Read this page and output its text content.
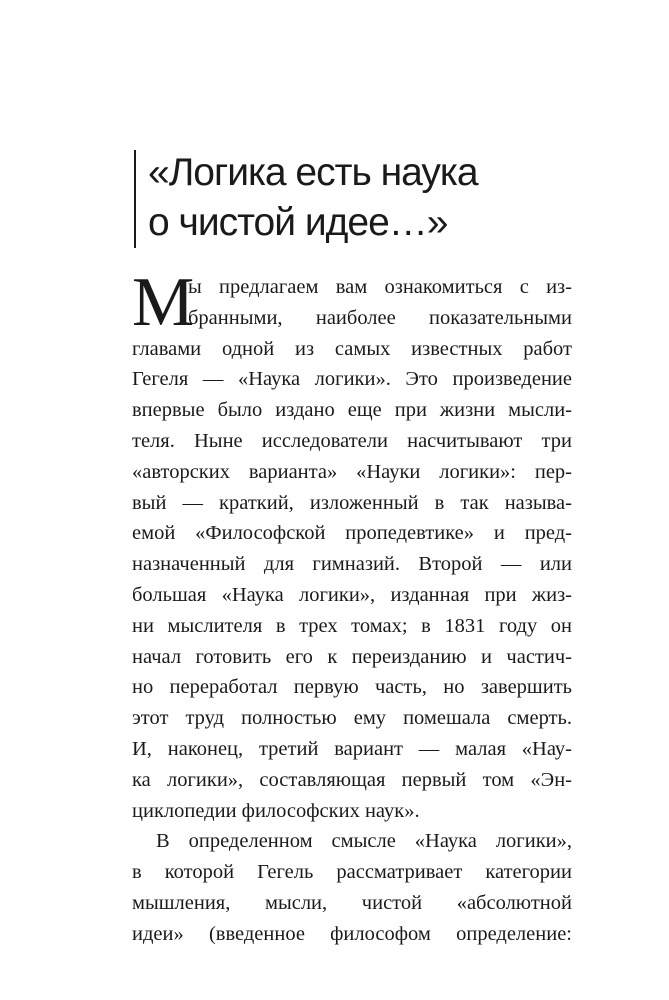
«Логика есть наука
о чистой идее…»
М
ы предлагаем вам ознакомиться с из-
бранными, наиболее показательными
главами одной из самых известных работ
Гегеля — «Наука логики». Это произведение
впервые было издано еще при жизни мысли-
теля. Ныне исследователи насчитывают три
«авторских варианта» «Науки логики»: пер-
вый — краткий, изложенный в так называ-
емой «Философской пропедевтике» и пред-
назначенный для гимназий. Второй — или
большая «Наука логики», изданная при жиз-
ни мыслителя в трех томах; в 1831 году он
начал готовить его к переизданию и частич-
но переработал первую часть, но завершить
этот труд полностью ему помешала смерть.
И, наконец, третий вариант — малая «Нау-
ка логики», составляющая первый том «Эн-
циклопедии философских наук».
В определенном смысле «Наука логики»,
в которой Гегель рассматривает категории
мышления, мысли, чистой «абсолютной
идеи» (введенное философом определение:
